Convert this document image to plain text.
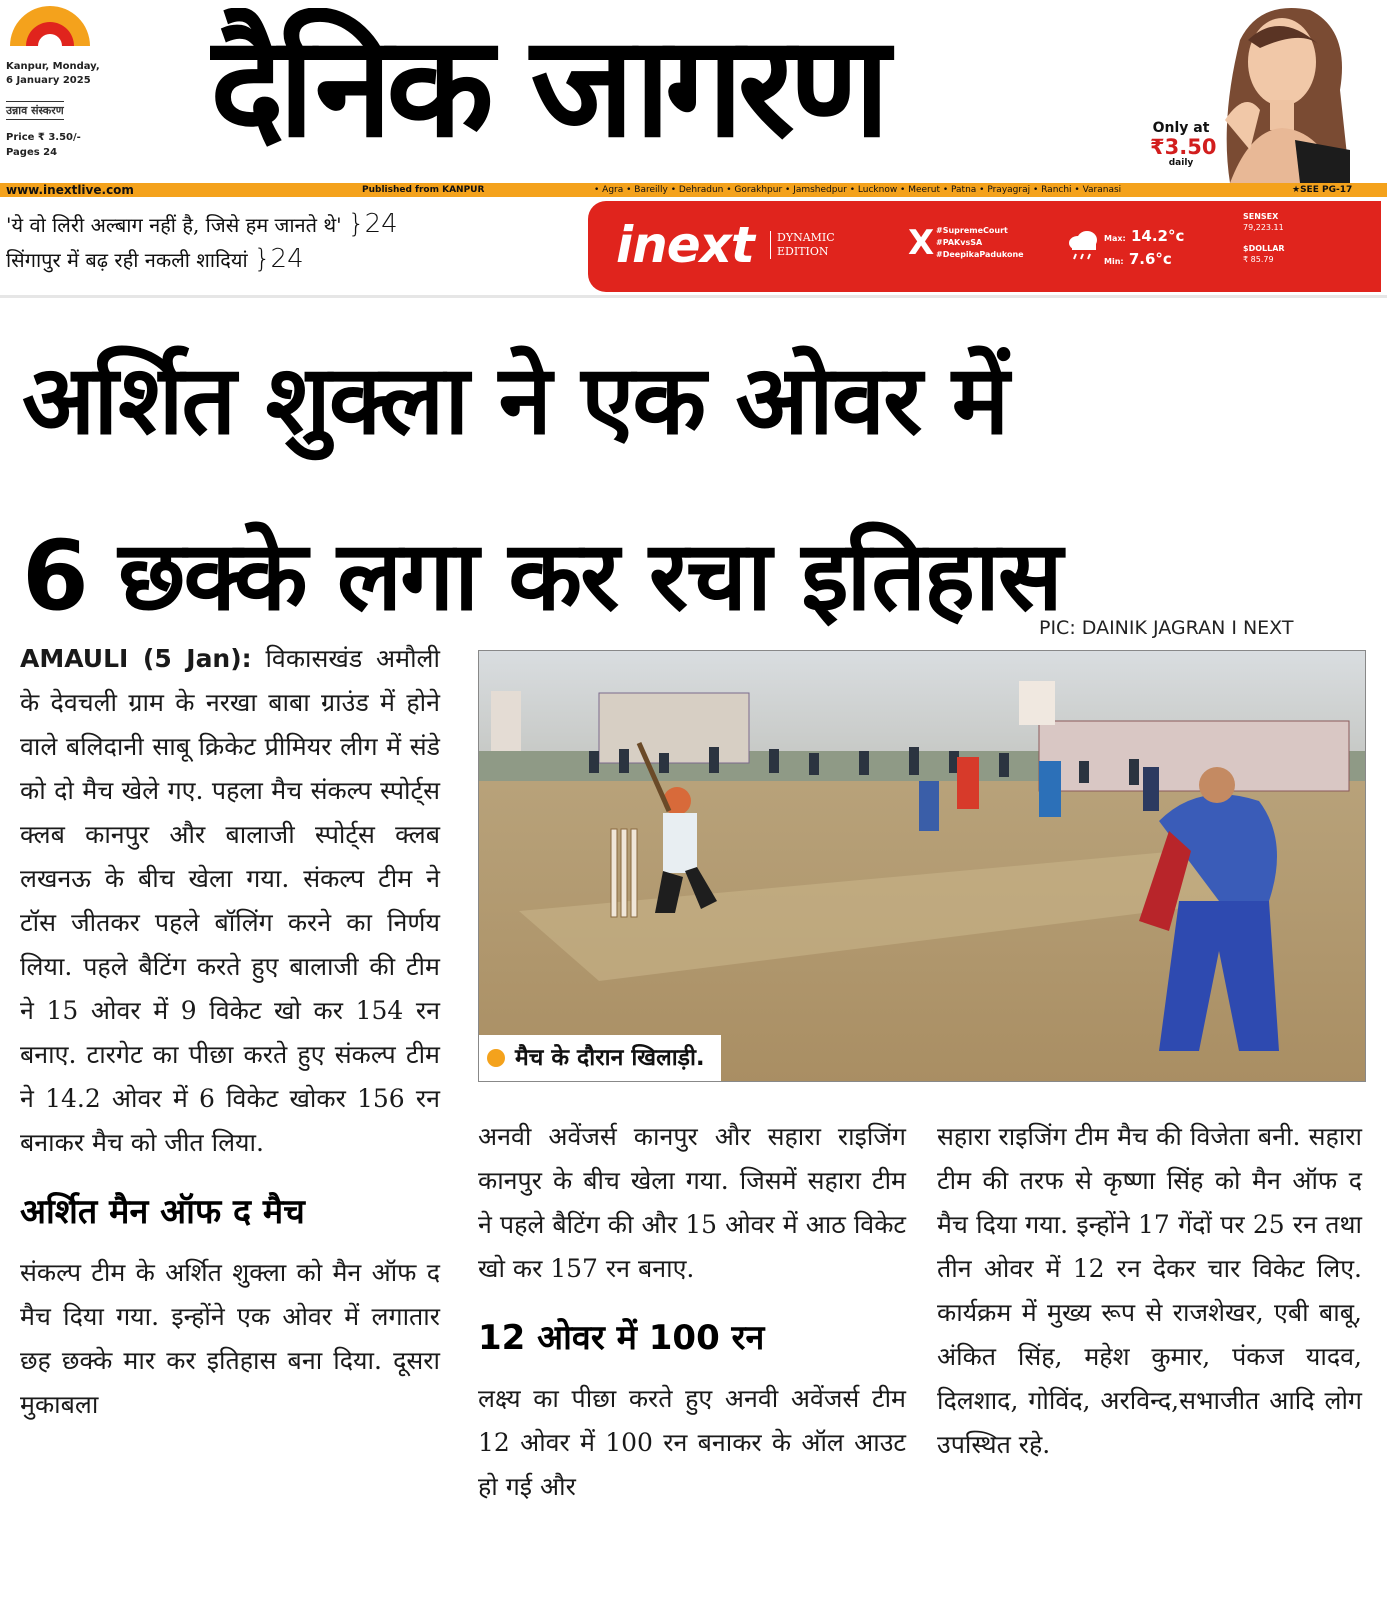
Kanpur, Monday,
6 January 2025
उन्नाव संस्करण
Price ₹ 3.50/-
Pages 24 दैनिक जागरण	Only at
₹3.50
daily
www.inextlive.com	Published from KANPUR	• Agra • Bareilly • Dehradun • Gorakhpur • Jamshedpur • Lucknow • Meerut • Patna • Prayagraj • Ranchi • Varanasi	★SEE PG-17
'ये वो लिरी अल्बाग नहीं है, जिसे हम जानते थे' }24
सिंगापुर में बढ़ रही नकली शादियां }24	inext DYNAMIC
EDITION X #SupremeCourt
#PAKvsSA
#DeepikaPadukone
Max: 14.2°c
Min: 7.6°c
SENSEX
79,223.11
$DOLLAR
₹ 85.79
अर्शित शुक्ला ने एक ओवर में
6 छक्के लगा कर रचा इतिहास
PIC: DAINIK JAGRAN I NEXT
मैच के दौरान खिलाड़ी.
AMAULI (5 Jan): विकासखंड अमौली के देवचली ग्राम के नरखा बाबा ग्राउंड में होने वाले बलिदानी साबू क्रिकेट प्रीमियर लीग में संडे को दो मैच खेले गए. पहला मैच संकल्प स्पोर्ट्स क्लब कानपुर और बालाजी स्पोर्ट्स क्लब लखनऊ के बीच खेला गया. संकल्प टीम ने टॉस जीतकर पहले बॉलिंग करने का निर्णय लिया. पहले बैटिंग करते हुए बालाजी की टीम ने 15 ओवर में 9 विकेट खो कर 154 रन बनाए. टारगेट का पीछा करते हुए संकल्प टीम ने 14.2 ओवर में 6 विकेट खोकर 156 रन बनाकर मैच को जीत लिया.
अर्शित मैन ऑफ द मैच
संकल्प टीम के अर्शित शुक्ला को मैन ऑफ द मैच दिया गया. इन्होंने एक ओवर में लगातार छह छक्के मार कर इतिहास बना दिया. दूसरा मुकाबला
अनवी अवेंजर्स कानपुर और सहारा राइजिंग कानपुर के बीच खेला गया. जिसमें सहारा टीम ने पहले बैटिंग की और 15 ओवर में आठ विकेट खो कर 157 रन बनाए.
12 ओवर में 100 रन
लक्ष्य का पीछा करते हुए अनवी अवेंजर्स टीम 12 ओवर में 100 रन बनाकर के ऑल आउट हो गई और
सहारा राइजिंग टीम मैच की विजेता बनी. सहारा टीम की तरफ से कृष्णा सिंह को मैन ऑफ द मैच दिया गया. इन्होंने 17 गेंदों पर 25 रन तथा तीन ओवर में 12 रन देकर चार विकेट लिए. कार्यक्रम में मुख्य रूप से राजशेखर, एबी बाबू, अंकित सिंह, महेश कुमार, पंकज यादव, दिलशाद, गोविंद, अरविन्द,सभाजीत आदि लोग उपस्थित रहे.
